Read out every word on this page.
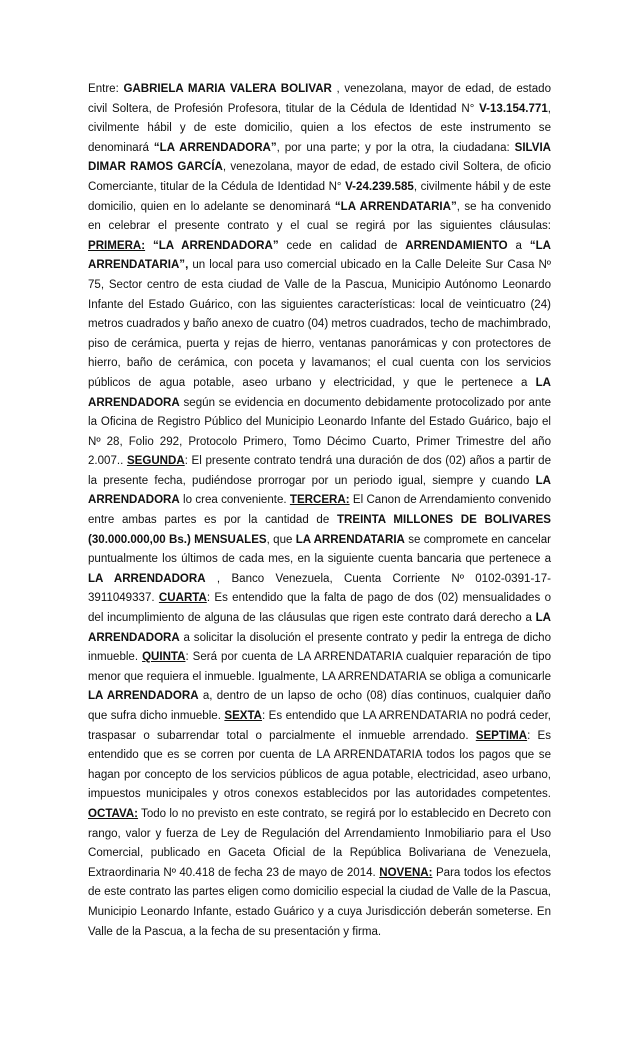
Entre: GABRIELA MARIA VALERA BOLIVAR , venezolana, mayor de edad, de estado civil Soltera, de Profesión Profesora, titular de la Cédula de Identidad N° V-13.154.771, civilmente hábil y de este domicilio, quien a los efectos de este instrumento se denominará “LA ARRENDADORA”, por una parte; y por la otra, la ciudadana: SILVIA DIMAR RAMOS GARCÍA, venezolana, mayor de edad, de estado civil Soltera, de oficio Comerciante, titular de la Cédula de Identidad N° V-24.239.585, civilmente hábil y de este domicilio, quien en lo adelante se denominará “LA ARRENDATARIA”, se ha convenido en celebrar el presente contrato y el cual se regirá por las siguientes cláusulas: PRIMERA: “LA ARRENDADORA” cede en calidad de ARRENDAMIENTO a “LA ARRENDATARIA”, un local para uso comercial ubicado en la Calle Deleite Sur Casa Nº 75, Sector centro de esta ciudad de Valle de la Pascua, Municipio Autónomo Leonardo Infante del Estado Guárico, con las siguientes características: local de veinticuatro (24) metros cuadrados y baño anexo de cuatro (04) metros cuadrados, techo de machimbrado, piso de cerámica, puerta y rejas de hierro, ventanas panorámicas y con protectores de hierro, baño de cerámica, con poceta y lavamanos; el cual cuenta con los servicios públicos de agua potable, aseo urbano y electricidad, y que le pertenece a LA ARRENDADORA según se evidencia en documento debidamente protocolizado por ante la Oficina de Registro Público del Municipio Leonardo Infante del Estado Guárico, bajo el Nº 28, Folio 292, Protocolo Primero, Tomo Décimo Cuarto, Primer Trimestre del año 2.007.. SEGUNDA: El presente contrato tendrá una duración de dos (02) años a partir de la presente fecha, pudiéndose prorrogar por un periodo igual, siempre y cuando LA ARRENDADORA lo crea conveniente. TERCERA: El Canon de Arrendamiento convenido entre ambas partes es por la cantidad de TREINTA MILLONES DE BOLIVARES (30.000.000,00 Bs.) MENSUALES, que LA ARRENDATARIA se compromete en cancelar puntualmente los últimos de cada mes, en la siguiente cuenta bancaria que pertenece a LA ARRENDADORA , Banco Venezuela, Cuenta Corriente Nº 0102-0391-17-3911049337. CUARTA: Es entendido que la falta de pago de dos (02) mensualidades o del incumplimiento de alguna de las cláusulas que rigen este contrato dará derecho a LA ARRENDADORA a solicitar la disolución el presente contrato y pedir la entrega de dicho inmueble. QUINTA: Será por cuenta de LA ARRENDATARIA cualquier reparación de tipo menor que requiera el inmueble. Igualmente, LA ARRENDATARIA se obliga a comunicarle LA ARRENDADORA a, dentro de un lapso de ocho (08) días continuos, cualquier daño que sufra dicho inmueble. SEXTA: Es entendido que LA ARRENDATARIA no podrá ceder, traspasar o subarrendar total o parcialmente el inmueble arrendado. SEPTIMA: Es entendido que es se corren por cuenta de LA ARRENDATARIA todos los pagos que se hagan por concepto de los servicios públicos de agua potable, electricidad, aseo urbano, impuestos municipales y otros conexos establecidos por las autoridades competentes. OCTAVA: Todo lo no previsto en este contrato, se regirá por lo establecido en Decreto con rango, valor y fuerza de Ley de Regulación del Arrendamiento Inmobiliario para el Uso Comercial, publicado en Gaceta Oficial de la República Bolivariana de Venezuela, Extraordinaria Nº 40.418 de fecha 23 de mayo de 2014. NOVENA: Para todos los efectos de este contrato las partes eligen como domicilio especial la ciudad de Valle de la Pascua, Municipio Leonardo Infante, estado Guárico y a cuya Jurisdicción deberán someterse. En Valle de la Pascua, a la fecha de su presentación y firma.
